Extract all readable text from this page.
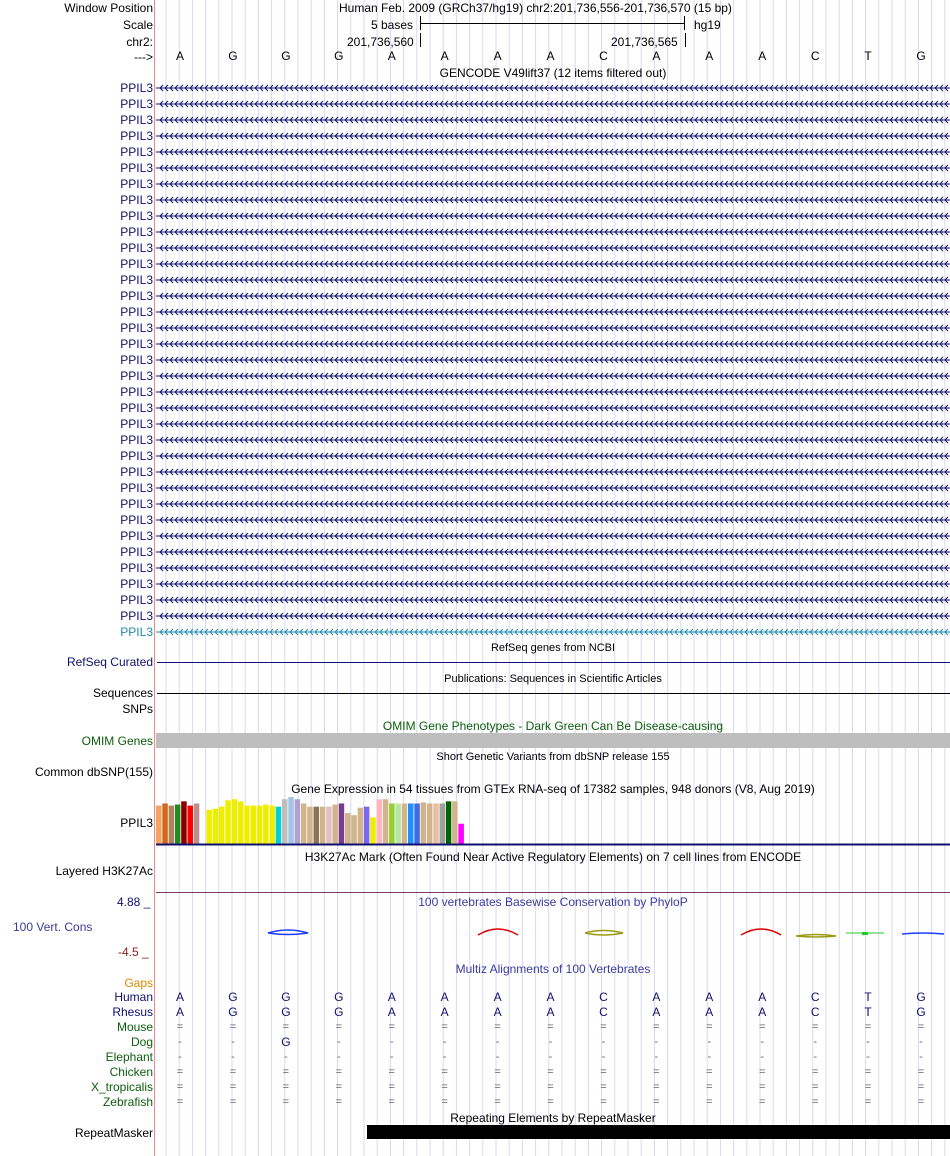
Window Position	Human Feb. 2009 (GRCh37/hg19) chr2:201,736,556-201,736,570 (15 bp)
Scale	5 bases	hg19
chr2:	201,736,560	201,736,565
--->	A	G	G	G	A	A	A	A	C	A	A	A	C	T	G
GENCODE V49lift37 (12 items filtered out)
PPIL3
PPIL3
PPIL3
PPIL3
PPIL3
PPIL3
PPIL3
PPIL3
PPIL3
PPIL3
PPIL3
PPIL3
PPIL3
PPIL3
PPIL3
PPIL3
PPIL3
PPIL3
PPIL3
PPIL3
PPIL3
PPIL3
PPIL3
PPIL3
PPIL3
PPIL3
PPIL3
PPIL3
PPIL3
PPIL3
PPIL3
PPIL3
PPIL3
PPIL3
PPIL3
RefSeq genes from NCBI
RefSeq Curated
Publications: Sequences in Scientific Articles
Sequences
SNPs
OMIM Gene Phenotypes - Dark Green Can Be Disease-causing
OMIM Genes
Short Genetic Variants from dbSNP release 155
Common dbSNP(155)
Gene Expression in 54 tissues from GTEx RNA-seq of 17382 samples, 948 donors (V8, Aug 2019)
PPIL3
H3K27Ac Mark (Often Found Near Active Regulatory Elements) on 7 cell lines from ENCODE
Layered H3K27Ac
4.88 _	100 vertebrates Basewise Conservation by PhyloP
100 Vert. Cons
-4.5 _
Multiz Alignments of 100 Vertebrates
Gaps
Human	A	G	G	G	A	A	A	A	C	A	A	A	C	T	G
Rhesus	A	G	G	G	A	A	A	A	C	A	A	A	C	T	G
Mouse	=	=	=	=	=	=	=	=	=	=	=	=	=	=	=
Dog	-	-	G	-	-	-	-	-	-	-	-	-	-	-	-
Elephant	-	-	-	-	-	-	-	-	-	-	-	-	-	-	-
Chicken	=	=	=	=	=	=	=	=	=	=	=	=	=	=	=
X_tropicalis	=	=	=	=	=	=	=	=	=	=	=	=	=	=	=
Zebrafish	=	=	=	=	=	=	=	=	=	=	=	=	=	=	=
Repeating Elements by RepeatMasker
RepeatMasker
